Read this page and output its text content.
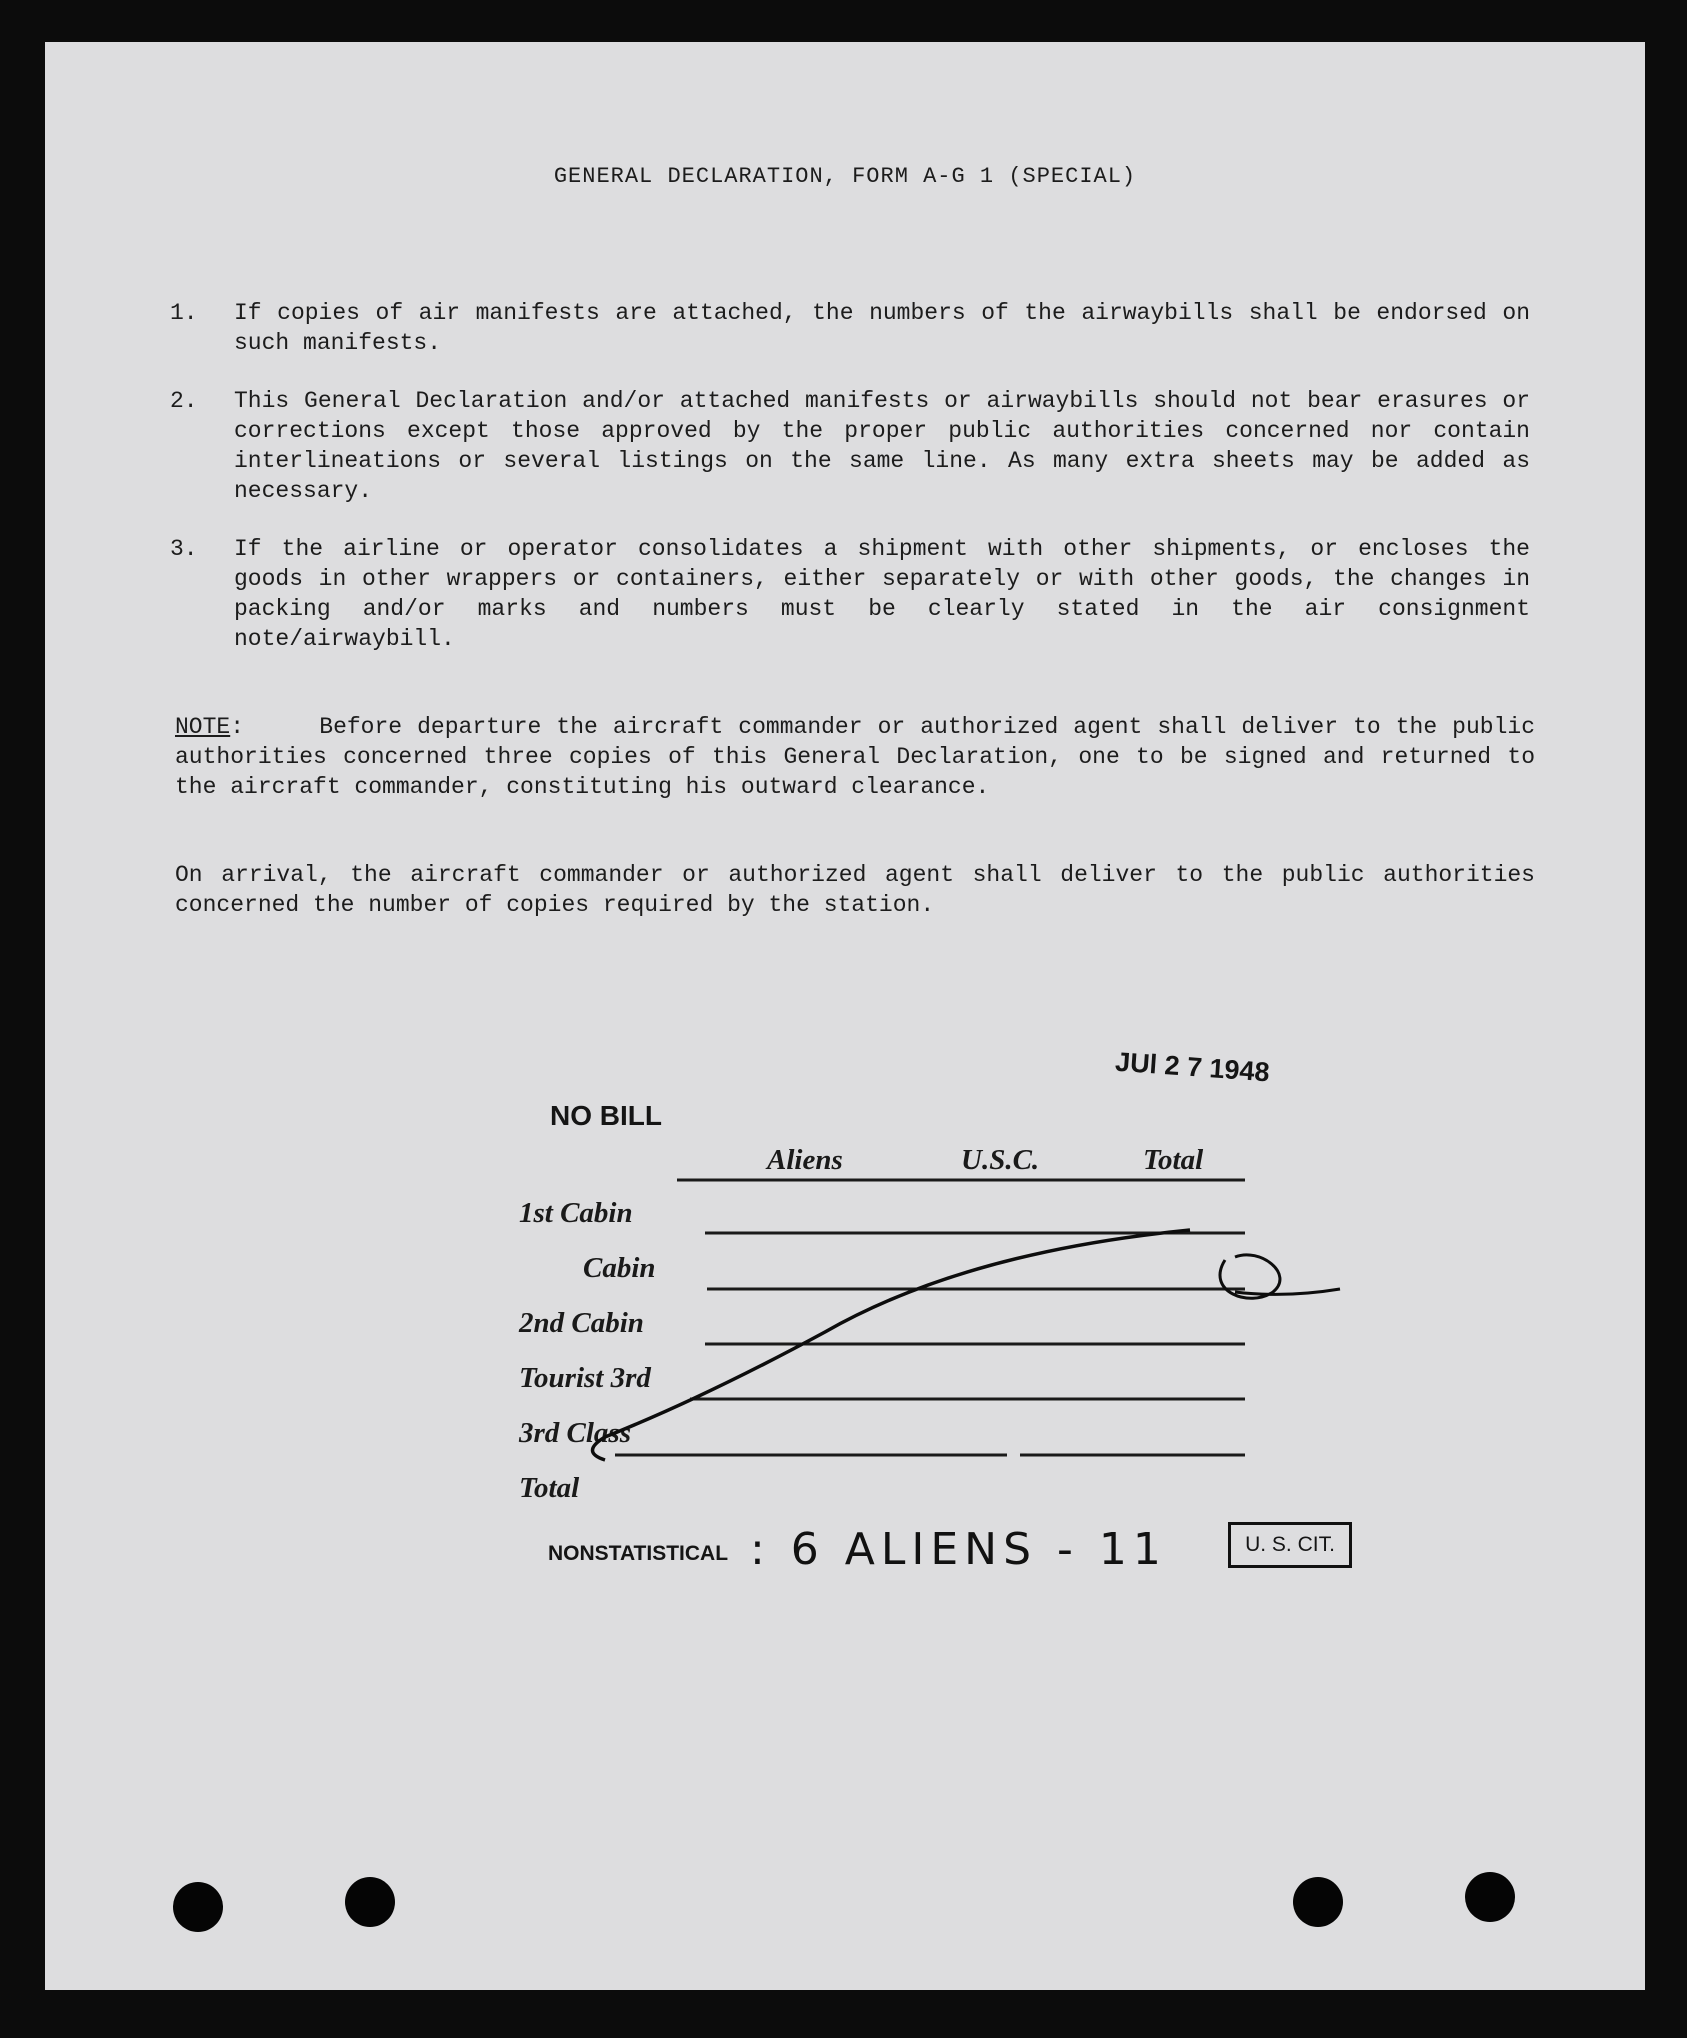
GENERAL DECLARATION, FORM A-G 1 (SPECIAL)
1. If copies of air manifests are attached, the numbers of the airwaybills shall be endorsed on such manifests.
2. This General Declaration and/or attached manifests or airwaybills should not bear erasures or corrections except those approved by the proper public authorities concerned nor contain interlineations or several listings on the same line. As many extra sheets may be added as necessary.
3. If the airline or operator consolidates a shipment with other shipments, or encloses the goods in other wrappers or containers, either separately or with other goods, the changes in packing and/or marks and numbers must be clearly stated in the air consignment note/airwaybill.
NOTE:	Before departure the aircraft commander or authorized agent shall deliver to the public authorities concerned three copies of this General Declaration, one to be signed and returned to the aircraft commander, constituting his outward clearance.
On arrival, the aircraft commander or authorized agent shall deliver to the public authorities concerned the number of copies required by the station.
JUl 2 7 1948
NO BILL
Aliens	U.S.C.	Total
1st Cabin
Cabin
2nd Cabin
Tourist 3rd
3rd Class
Total
NONSTATISTICAL : 6 ALIENS - 11	U. S. CIT.
